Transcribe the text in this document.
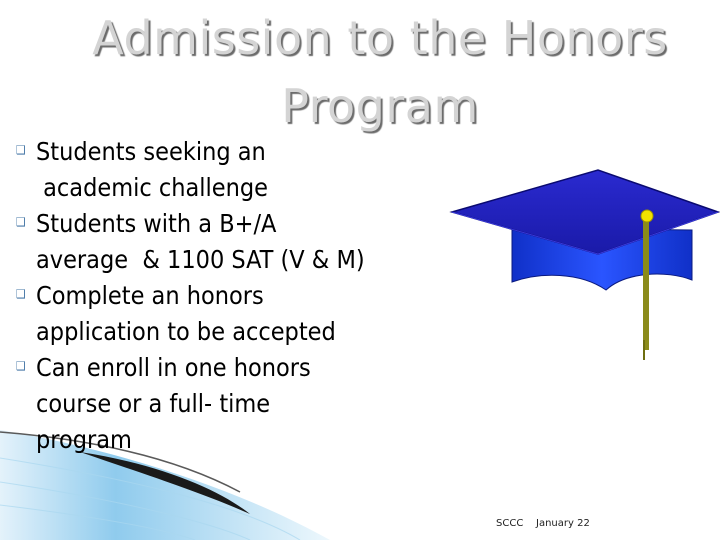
Admission to the Honors
Program
❑ Students seeking an
academic challenge
❑ Students with a B+/A
average  & 1100 SAT (V & M)
❑ Complete an honors
application to be accepted
❑ Can enroll in one honors
course or a full- time
program
SCCC January 22
